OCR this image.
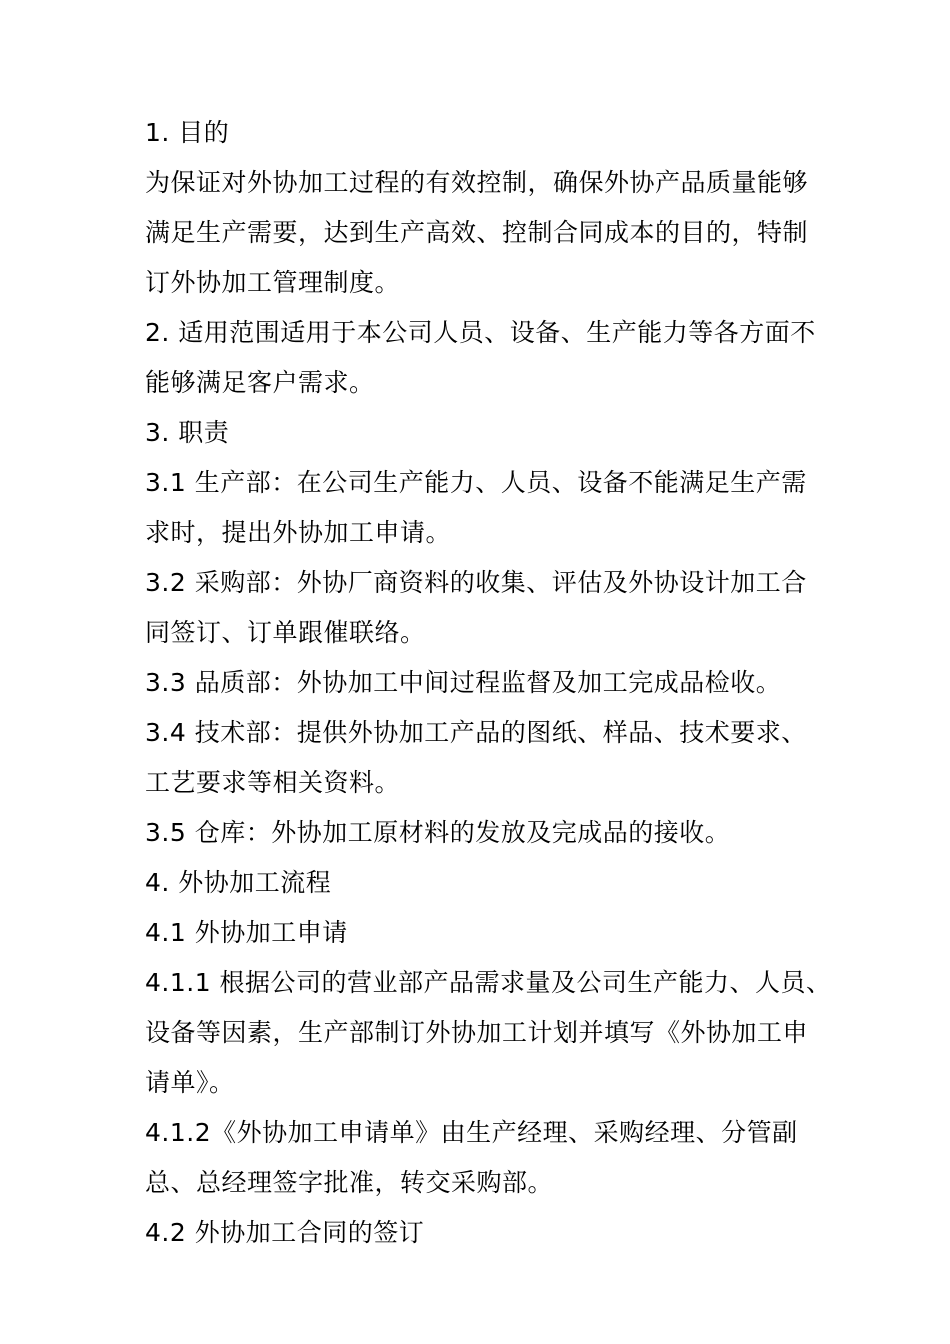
1. 目的
为保证对外协加工过程的有效控制，确保外协产品质量能够
满足生产需要，达到生产高效、控制合同成本的目的，特制
订外协加工管理制度。
2. 适用范围适用于本公司人员、设备、生产能力等各方面不
能够满足客户需求。
3. 职责
3.1 生产部：在公司生产能力、人员、设备不能满足生产需
求时，提出外协加工申请。
3.2 采购部：外协厂商资料的收集、评估及外协设计加工合
同签订、订单跟催联络。
3.3 品质部：外协加工中间过程监督及加工完成品检收。
3.4 技术部：提供外协加工产品的图纸、样品、技术要求、
工艺要求等相关资料。
3.5 仓库：外协加工原材料的发放及完成品的接收。
4. 外协加工流程
4.1 外协加工申请
4.1.1 根据公司的营业部产品需求量及公司生产能力、人员、
设备等因素，生产部制订外协加工计划并填写《外协加工申
请单》。
4.1.2《外协加工申请单》由生产经理、采购经理、分管副
总、总经理签字批准，转交采购部。
4.2 外协加工合同的签订
